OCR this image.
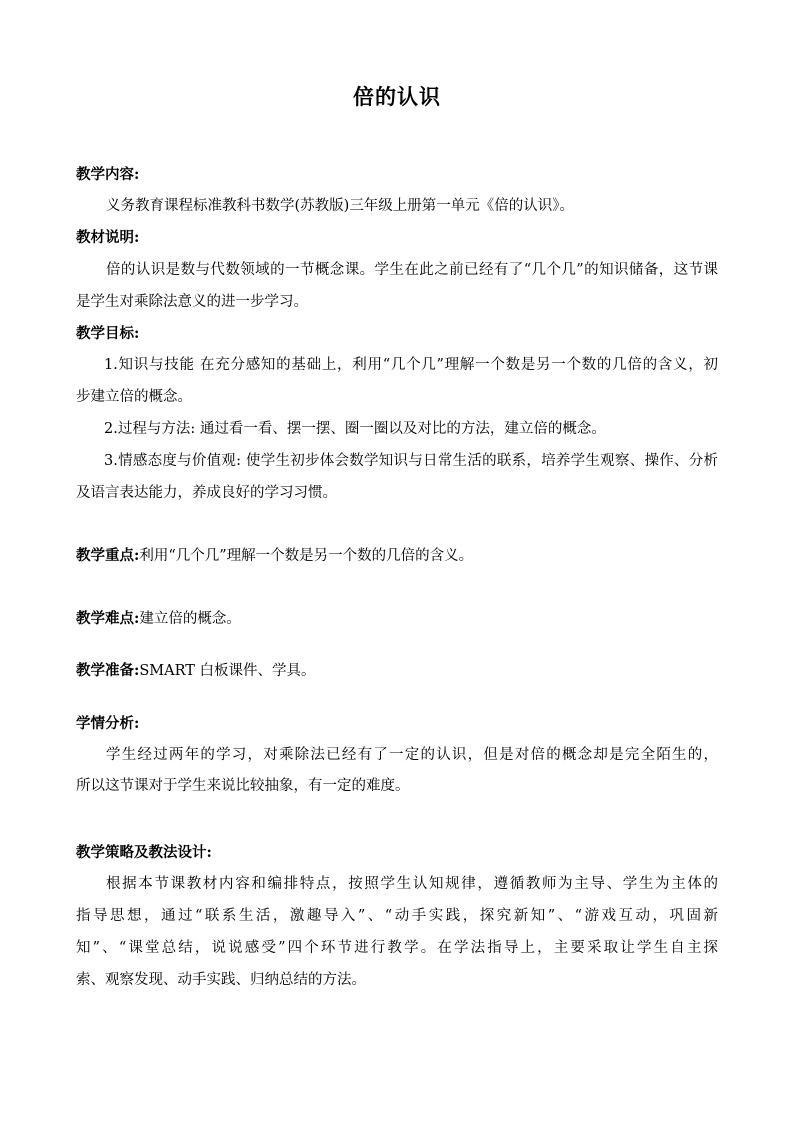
倍的认识
教学内容:
义务教育课程标准教科书数学(苏教版)三年级上册第一单元《倍的认识》。
教材说明:
倍的认识是数与代数领域的一节概念课。学生在此之前已经有了“几个几”的知识储备，这节课
是学生对乘除法意义的进一步学习。
教学目标:
1.知识与技能 在充分感知的基础上，利用“几个几”理解一个数是另一个数的几倍的含义，初
步建立倍的概念。
2.过程与方法: 通过看一看、摆一摆、圈一圈以及对比的方法，建立倍的概念。
3.情感态度与价值观: 使学生初步体会数学知识与日常生活的联系，培养学生观察、操作、分析
及语言表达能力，养成良好的学习习惯。
教学重点:利用“几个几”理解一个数是另一个数的几倍的含义。
教学难点:建立倍的概念。
教学准备:SMART 白板课件、学具。
学情分析:
学生经过两年的学习，对乘除法已经有了一定的认识，但是对倍的概念却是完全陌生的，
所以这节课对于学生来说比较抽象，有一定的难度。
教学策略及教法设计:
根据本节课教材内容和编排特点，按照学生认知规律，遵循教师为主导、学生为主体的
指导思想，通过“联系生活，激趣导入”、“动手实践，探究新知”、“游戏互动，巩固新
知”、“课堂总结，说说感受”四个环节进行教学。在学法指导上，主要采取让学生自主探
索、观察发现、动手实践、归纳总结的方法。
